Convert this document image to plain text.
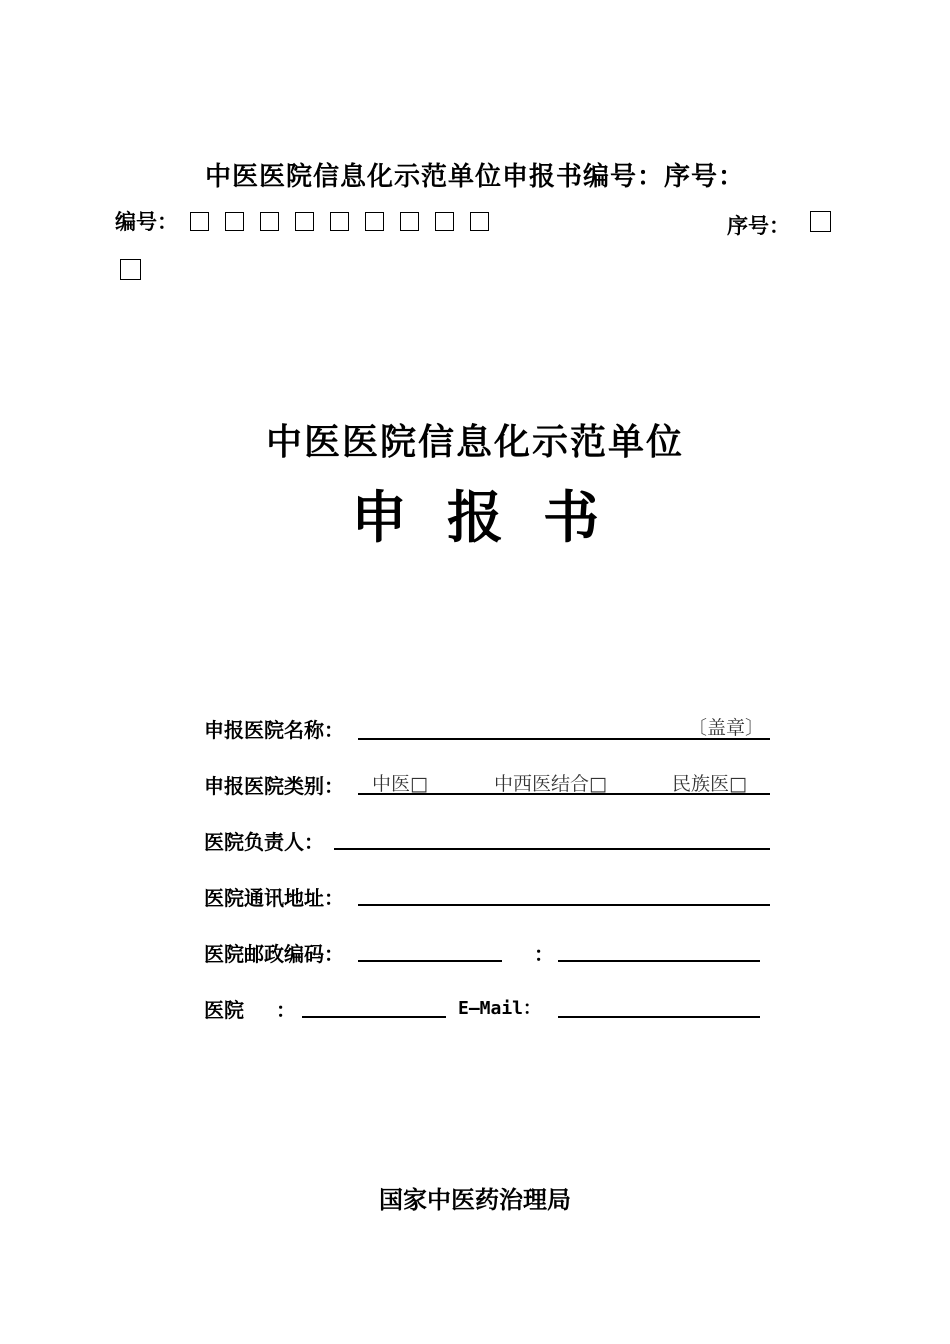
中医医院信息化示范单位申报书编号：序号：
编号：	序号：
中医医院信息化示范单位
申报书
申报医院名称：	〔盖章〕
申报医院类别： 中医□	中西医结合□	民族医□
医院负责人：
医院通讯地址：
医院邮政编码：	：
医院 ：	E—Mail：
国家中医药治理局
